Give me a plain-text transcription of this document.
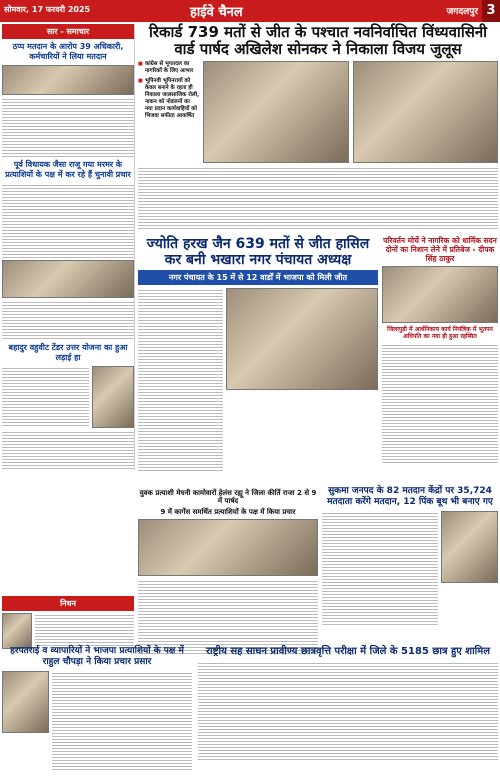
सोमवार, 17 फरवरी 2025	हाईवे चैनल	जगदलपुर 3
सार - समाचार
ठप्प मतदान के आरोप 39 अधिकारी, कर्मचारियों ने लिया मतदान
पूर्व विधायक जैसा राजू गया मरमर के प्रत्याशियों के पक्ष में कर रहे हैं चुनावी प्रचार
बहादुर वहुवीट टेंडर उत्तर योजना का हुआ लड़ाई हा
रिकार्ड 739 मतों से जीत के पश्चात नवनिर्वाचित विंध्यवासिनी वार्ड पार्षद अखिलेश सोनकर ने निकाला विजय जुलूस
■ कांग्रेस से भूपतदल का नागरिकों के लिए आभार
■ भूपिनवी भूपिनरायों को केवल बनाने के रहता ही निकाला जालसाजिक रोली, नाकन को नोडजनों का नया प्रदान कार्यवाहियों को भिजवा सफीता आकर्षित
ज्योति हरख जैन 639 मतों से जीत हासिल कर बनी भखारा नगर पंचायत अध्यक्ष
नगर पंचायत के 15 में से 12 वार्डों में भाजपा को मिली जीत
परिवर्तन मोर्चे ने नागरिक को धार्मिक सदन दोनों का निशान लेने में प्रतिबेज - दीपक सिंह ठाकुर
जिलापुडी में आर्धनिकाय कार्य नियंत्रिक में भूतपन अधिपति का नया ही हुआ रहस्यित
युवक प्रत्याशी मेघनी कामोवारों हेलंस रह्यू ने जिला कीर्ति राजा 2 से 9 में पार्षद
9 में कार्गेस समर्थित प्रत्याशियों के पक्ष में किया प्रचार
सुकमा जनपद के 82 मतदान केंद्रों पर 35,724 मतदाता करेंगे मतदान, 12 पिंक बूथ भी बनाए गए
निधन
हरपतराई व व्यापारियों ने भाजपा प्रत्याशियों के पक्ष में राहुल चौपड़ा ने किया प्रचार प्रसार
राष्ट्रीय सह साधन प्रावीण्य छात्रवृत्ति परीक्षा में जिले के 5185 छात्र हुए शामिल
